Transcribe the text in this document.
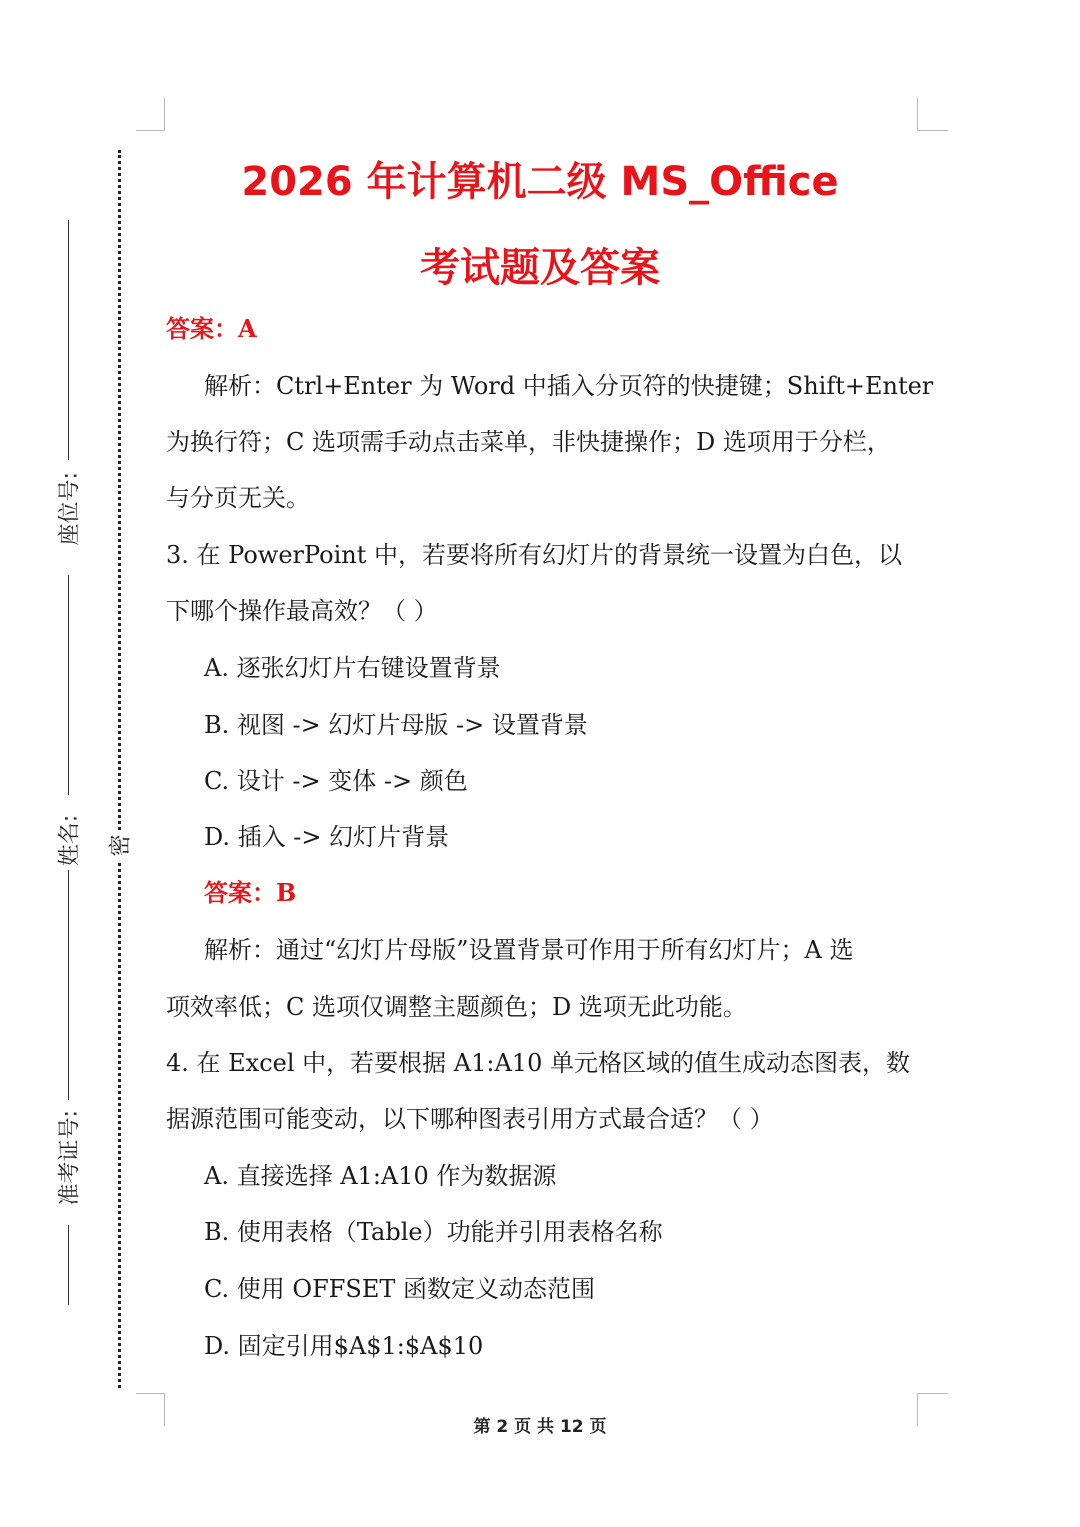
密
座位号:
姓名:
准考证号:
2026 年计算机二级 MS_Office
考试题及答案
答案：A
解析：Ctrl+Enter 为 Word 中插入分页符的快捷键；Shift+Enter
为换行符；C 选项需手动点击菜单，非快捷操作；D 选项用于分栏，
与分页无关。
3. 在 PowerPoint 中，若要将所有幻灯片的背景统一设置为白色，以
下哪个操作最高效？（ ）
A. 逐张幻灯片右键设置背景
B. 视图 -> 幻灯片母版 -> 设置背景
C. 设计 -> 变体 -> 颜色
D. 插入 -> 幻灯片背景
答案：B
解析：通过“幻灯片母版”设置背景可作用于所有幻灯片；A 选
项效率低；C 选项仅调整主题颜色；D 选项无此功能。
4. 在 Excel 中，若要根据 A1:A10 单元格区域的值生成动态图表，数
据源范围可能变动，以下哪种图表引用方式最合适？（ ）
A. 直接选择 A1:A10 作为数据源
B. 使用表格（Table）功能并引用表格名称
C. 使用 OFFSET 函数定义动态范围
D. 固定引用$A$1:$A$10
第 2 页 共 12 页
